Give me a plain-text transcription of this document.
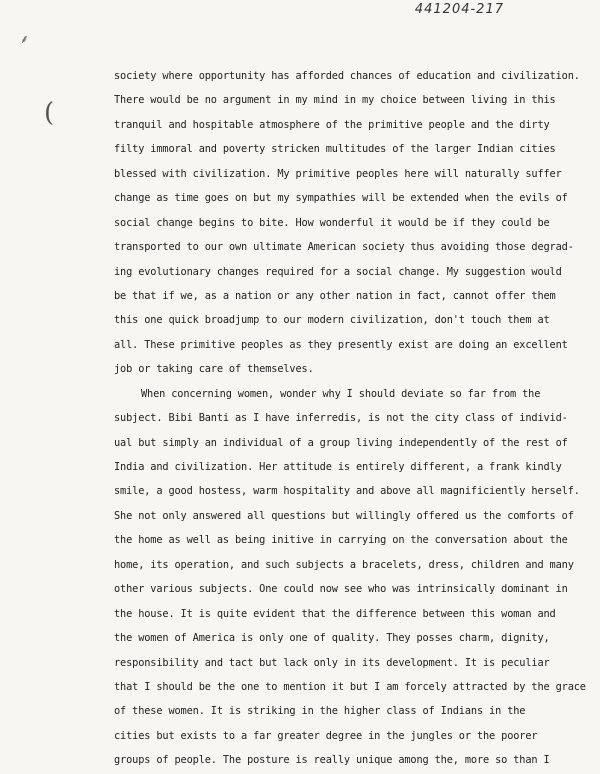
441204-217
⸙
(
society where opportunity has afforded chances of education and civilization.
There would be no argument in my mind in my choice between living in this
tranquil and hospitable atmosphere of the primitive people and the dirty
filty immoral and poverty stricken multitudes of the larger Indian cities
blessed with civilization. My primitive peoples here will naturally suffer
change as time goes on but my sympathies will be extended when the evils of
social change begins to bite. How wonderful it would be if they could be
transported to our own ultimate American society thus avoiding those degrad-
ing evolutionary changes required for a social change. My suggestion would
be that if we, as a nation or any other nation in fact, cannot offer them
this one quick broadjump to our modern civilization, don't touch them at
all. These primitive peoples as they presently exist are doing an excellent
job or taking care of themselves.
When concerning women, wonder why I should deviate so far from the
subject. Bibi Banti as I have inferredis, is not the city class of individ-
ual but simply an individual of a group living independently of the rest of
India and civilization. Her attitude is entirely different, a frank kindly
smile, a good hostess, warm hospitality and above all magnificiently herself.
She not only answered all questions but willingly offered us the comforts of
the home as well as being initive in carrying on the conversation about the
home, its operation, and such subjects a bracelets, dress, children and many
other various subjects. One could now see who was intrinsically dominant in
the house. It is quite evident that the difference between this woman and
the women of America is only one of quality. They posses charm, dignity,
responsibility and tact but lack only in its development. It is peculiar
that I should be the one to mention it but I am forcely attracted by the grace
of these women. It is striking in the higher class of Indians in the
cities but exists to a far greater degree in the jungles or the poorer
groups of people. The posture is really unique among the, more so than I
